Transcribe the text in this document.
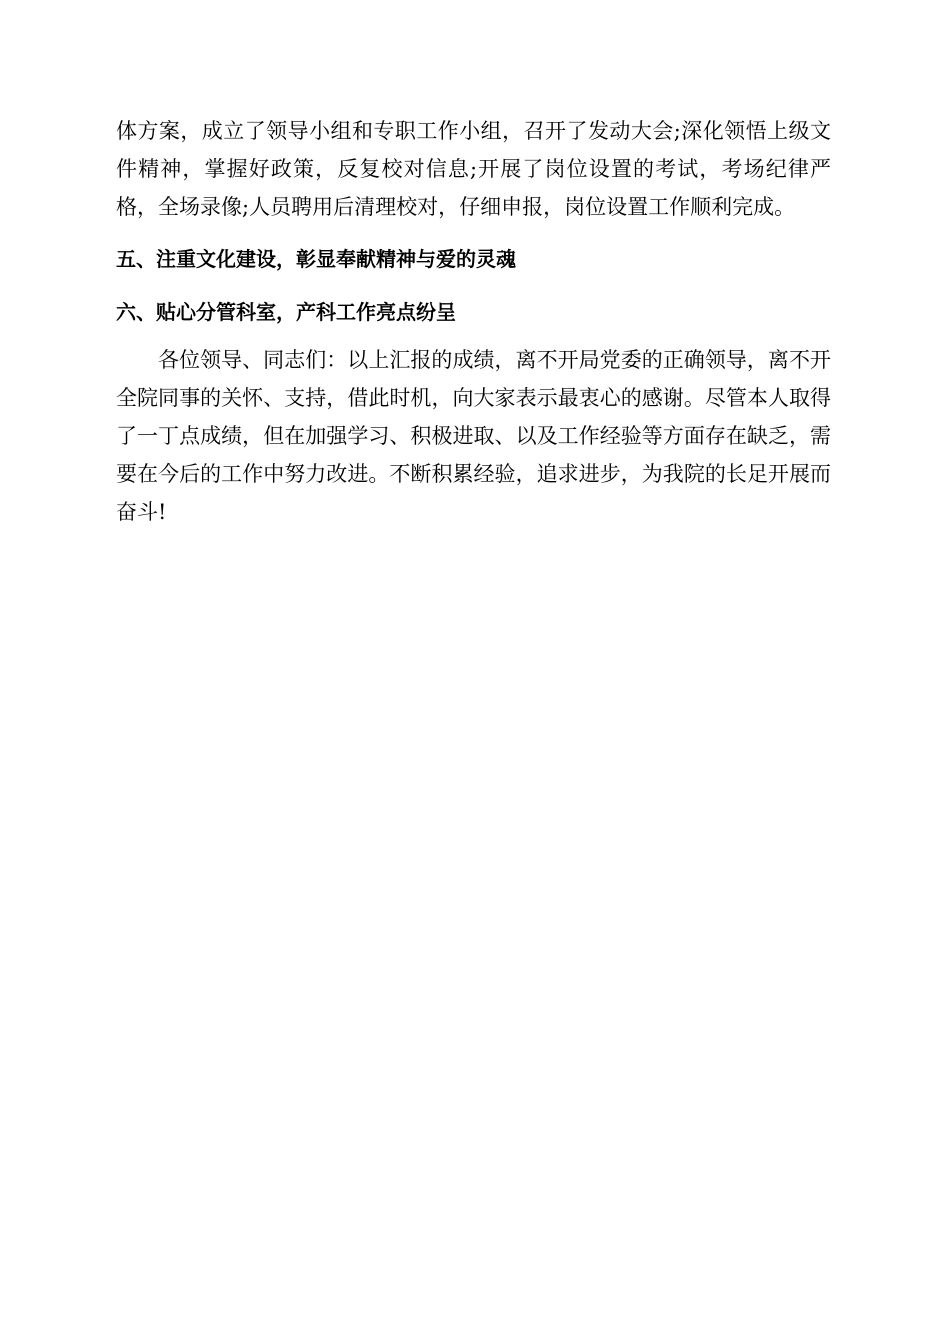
体方案，成立了领导小组和专职工作小组，召开了发动大会;深化领悟上级文件精神，掌握好政策，反复校对信息;开展了岗位设置的考试，考场纪律严格，全场录像;人员聘用后清理校对，仔细申报，岗位设置工作顺利完成。

五、注重文化建设，彰显奉献精神与爱的灵魂
六、贴心分管科室，产科工作亮点纷呈

各位领导、同志们：以上汇报的成绩，离不开局党委的正确领导，离不开全院同事的关怀、支持，借此时机，向大家表示最衷心的感谢。尽管本人取得了一丁点成绩，但在加强学习、积极进取、以及工作经验等方面存在缺乏，需要在今后的工作中努力改进。不断积累经验，追求进步，为我院的长足开展而奋斗!
